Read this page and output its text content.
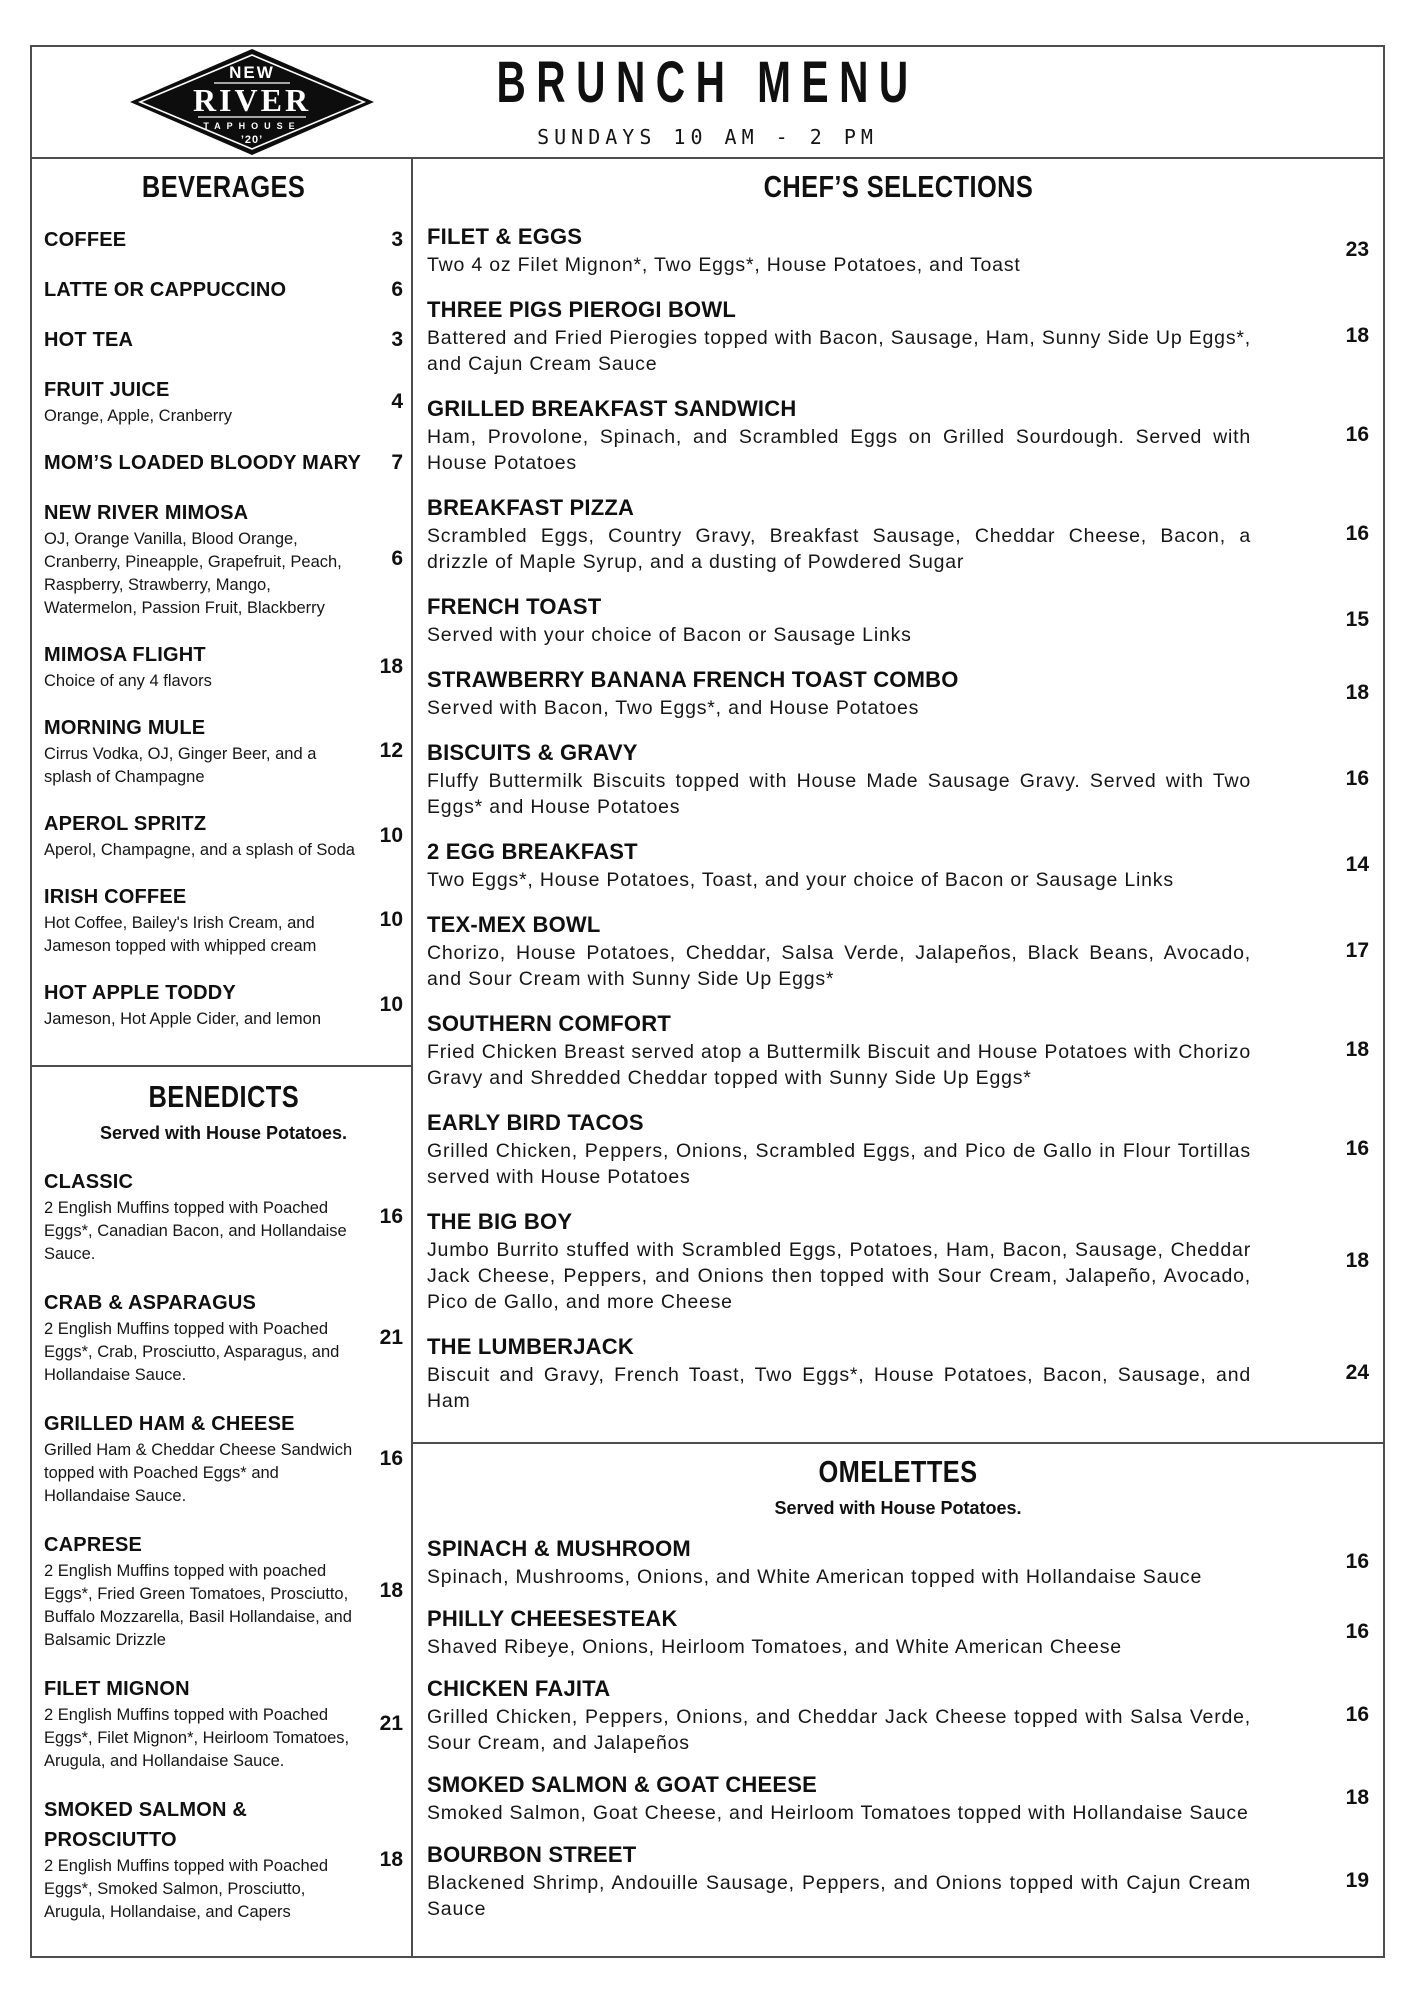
NEW
RIVER
TAPHOUSE
’20’
BRUNCH MENU
SUNDAYS 10 AM - 2 PM
BEVERAGES
COFFEE	3
LATTE OR CAPPUCCINO	6
HOT TEA	3
FRUIT JUICE
Orange, Apple, Cranberry
4
MOM’S LOADED BLOODY MARY	7
NEW RIVER MIMOSA
OJ, Orange Vanilla, Blood Orange, Cranberry, Pineapple, Grapefruit, Peach, Raspberry, Strawberry, Mango, Watermelon, Passion Fruit, Blackberry
6
MIMOSA FLIGHT
Choice of any 4 flavors
18
MORNING MULE
Cirrus Vodka, OJ, Ginger Beer, and a splash of Champagne
12
APEROL SPRITZ
Aperol, Champagne, and a splash of Soda
10
IRISH COFFEE
Hot Coffee, Bailey's Irish Cream, and Jameson topped with whipped cream
10
HOT APPLE TODDY
Jameson, Hot Apple Cider, and lemon
10
BENEDICTS
Served with House Potatoes.
CLASSIC
2 English Muffins topped with Poached Eggs*, Canadian Bacon, and Hollandaise Sauce.
16
CRAB & ASPARAGUS
2 English Muffins topped with Poached Eggs*, Crab, Prosciutto, Asparagus, and Hollandaise Sauce.
21
GRILLED HAM & CHEESE
Grilled Ham & Cheddar Cheese Sandwich topped with Poached Eggs* and Hollandaise Sauce.
16
CAPRESE
2 English Muffins topped with poached Eggs*, Fried Green Tomatoes, Prosciutto, Buffalo Mozzarella, Basil Hollandaise, and Balsamic Drizzle
18
FILET MIGNON
2 English Muffins topped with Poached Eggs*, Filet Mignon*, Heirloom Tomatoes, Arugula, and Hollandaise Sauce.
21
SMOKED SALMON & PROSCIUTTO
2 English Muffins topped with Poached Eggs*, Smoked Salmon, Prosciutto, Arugula, Hollandaise, and Capers
18
CHEF’S SELECTIONS
FILET & EGGS
Two 4 oz Filet Mignon*, Two Eggs*, House Potatoes, and Toast
23
THREE PIGS PIEROGI BOWL
Battered and Fried Pierogies topped with Bacon, Sausage, Ham, Sunny Side Up Eggs*, and Cajun Cream Sauce
18
GRILLED BREAKFAST SANDWICH
Ham, Provolone, Spinach, and Scrambled Eggs on Grilled Sourdough. Served with House Potatoes
16
BREAKFAST PIZZA
Scrambled Eggs, Country Gravy, Breakfast Sausage, Cheddar Cheese, Bacon, a drizzle of Maple Syrup, and a dusting of Powdered Sugar
16
FRENCH TOAST
Served with your choice of Bacon or Sausage Links
15
STRAWBERRY BANANA FRENCH TOAST COMBO
Served with Bacon, Two Eggs*, and House Potatoes
18
BISCUITS & GRAVY
Fluffy Buttermilk Biscuits topped with House Made Sausage Gravy. Served with Two Eggs* and House Potatoes
16
2 EGG BREAKFAST
Two Eggs*, House Potatoes, Toast, and your choice of Bacon or Sausage Links
14
TEX-MEX BOWL
Chorizo, House Potatoes, Cheddar, Salsa Verde, Jalapeños, Black Beans, Avocado, and Sour Cream with Sunny Side Up Eggs*
17
SOUTHERN COMFORT
Fried Chicken Breast served atop a Buttermilk Biscuit and House Potatoes with Chorizo Gravy and Shredded Cheddar topped with Sunny Side Up Eggs*
18
EARLY BIRD TACOS
Grilled Chicken, Peppers, Onions, Scrambled Eggs, and Pico de Gallo in Flour Tortillas served with House Potatoes
16
THE BIG BOY
Jumbo Burrito stuffed with Scrambled Eggs, Potatoes, Ham, Bacon, Sausage, Cheddar Jack Cheese, Peppers, and Onions then topped with Sour Cream, Jalapeño, Avocado, Pico de Gallo, and more Cheese
18
THE LUMBERJACK
Biscuit and Gravy, French Toast, Two Eggs*, House Potatoes, Bacon, Sausage, and Ham
24
OMELETTES
Served with House Potatoes.
SPINACH & MUSHROOM
Spinach, Mushrooms, Onions, and White American topped with Hollandaise Sauce
16
PHILLY CHEESESTEAK
Shaved Ribeye, Onions, Heirloom Tomatoes, and White American Cheese
16
CHICKEN FAJITA
Grilled Chicken, Peppers, Onions, and Cheddar Jack Cheese topped with Salsa Verde, Sour Cream, and Jalapeños
16
SMOKED SALMON & GOAT CHEESE
Smoked Salmon, Goat Cheese, and Heirloom Tomatoes topped with Hollandaise Sauce
18
BOURBON STREET
Blackened Shrimp, Andouille Sausage, Peppers, and Onions topped with Cajun Cream Sauce
19
